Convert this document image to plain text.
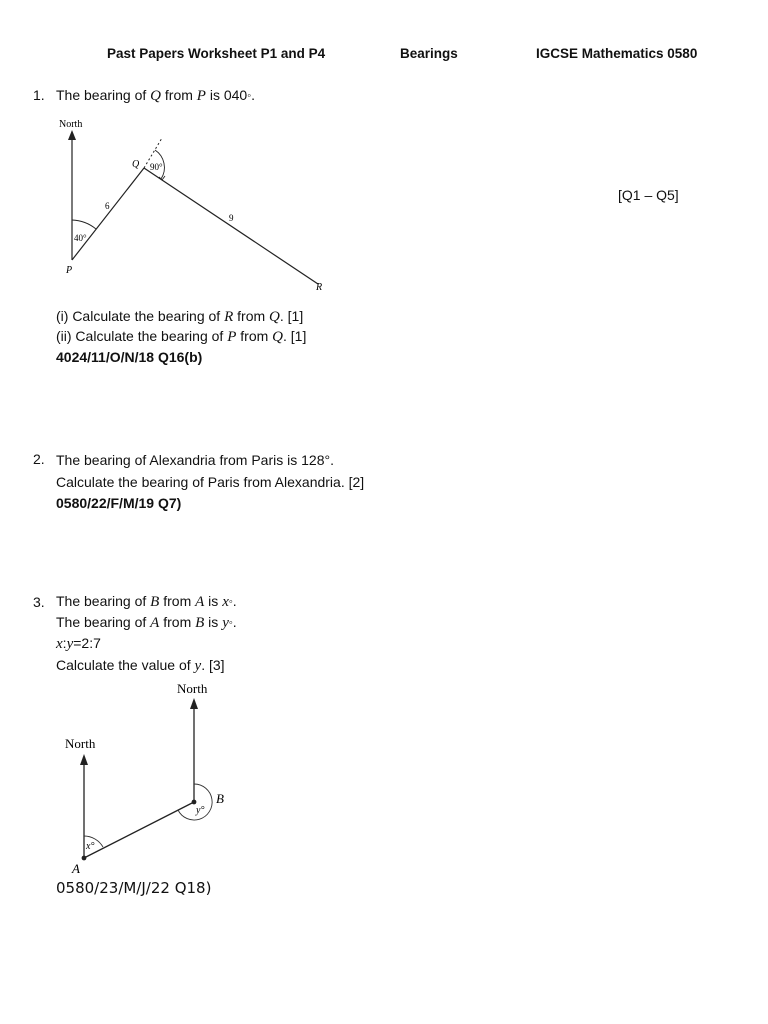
Past Papers Worksheet P1 and P4	Bearings	IGCSE Mathematics 0580
1. The bearing of Q from P is 040◦.
North
40°
90°
6
9
P
Q
R
[Q1 – Q5]
(i) Calculate the bearing of R from Q. [1]
(ii) Calculate the bearing of P from Q. [1]
4024/11/O/N/18 Q16(b)
2. The bearing of Alexandria from Paris is 128°.
Calculate the bearing of Paris from Alexandria. [2]
0580/22/F/M/19 Q7)
3. The bearing of B from A is x◦.
The bearing of A from B is y◦.
x:y=2:7
Calculate the value of y. [3]
North
North
x°
y°
A
B
0580/23/M/J/22 Q18)
